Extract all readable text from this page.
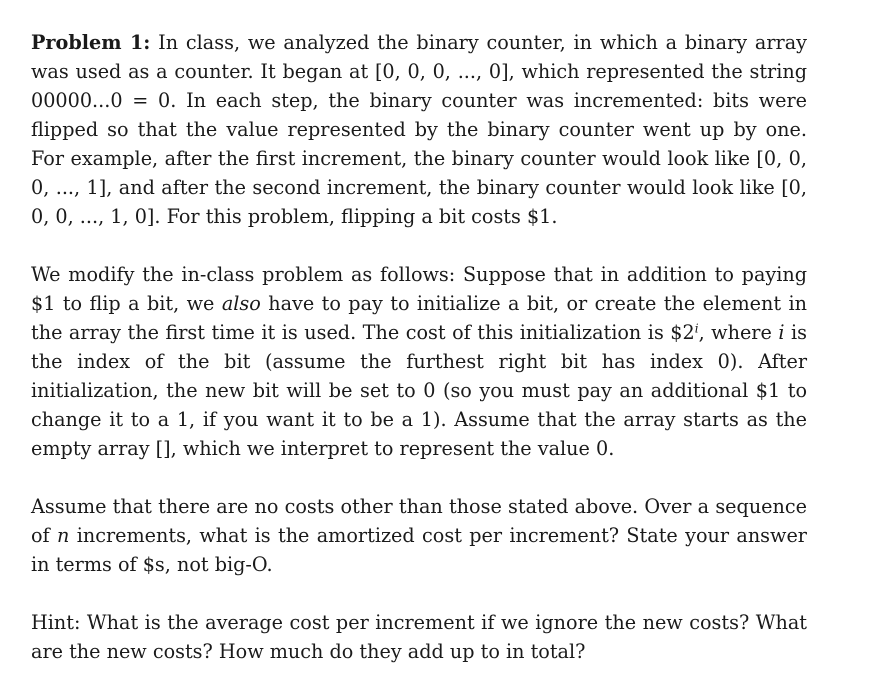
Problem 1: In class, we analyzed the binary counter, in which a binary array was used as a counter. It began at [0, 0, 0, ..., 0], which represented the string 00000...0 = 0. In each step, the binary counter was incremented: bits were flipped so that the value represented by the binary counter went up by one. For example, after the first increment, the binary counter would look like [0, 0, 0, ..., 1], and after the second increment, the binary counter would look like [0, 0, 0, ..., 1, 0]. For this problem, flipping a bit costs $1.

We modify the in-class problem as follows: Suppose that in addition to paying $1 to flip a bit, we also have to pay to initialize a bit, or create the element in the array the first time it is used. The cost of this initialization is $2$^i$, where i is the index of the bit (assume the furthest right bit has index 0). After initialization, the new bit will be set to 0 (so you must pay an additional $1 to change it to a 1, if you want it to be a 1). Assume that the array starts as the empty array [], which we interpret to represent the value 0.

Assume that there are no costs other than those stated above. Over a sequence of n increments, what is the amortized cost per increment? State your answer in terms of $s, not big-O.

Hint: What is the average cost per increment if we ignore the new costs? What are the new costs? How much do they add up to in total?
